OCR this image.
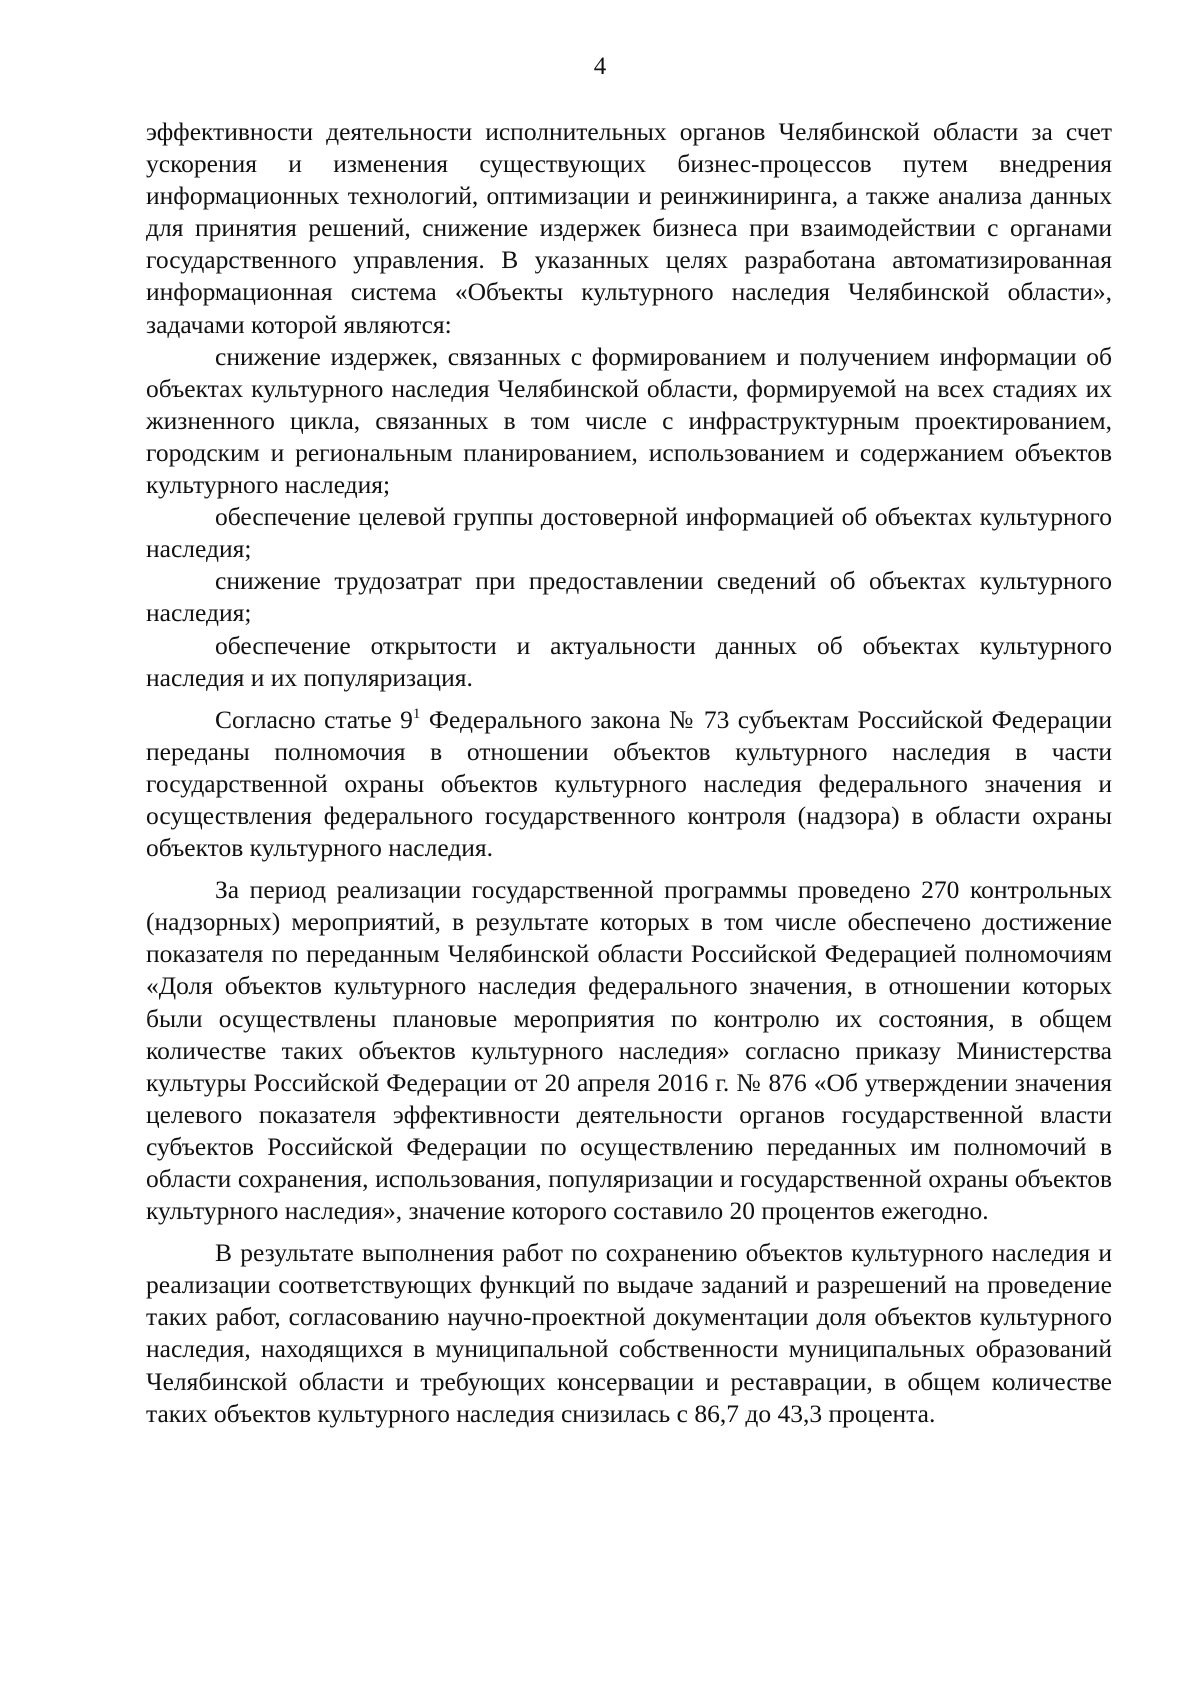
4

эффективности деятельности исполнительных органов Челябинской области за счет ускорения и изменения существующих бизнес-процессов путем внедрения информационных технологий, оптимизации и реинжиниринга, а также анализа данных для принятия решений, снижение издержек бизнеса при взаимодействии с органами государственного управления. В указанных целях разработана автоматизированная информационная система «Объекты культурного наследия Челябинской области», задачами которой являются:

снижение издержек, связанных с формированием и получением информации об объектах культурного наследия Челябинской области, формируемой на всех стадиях их жизненного цикла, связанных в том числе с инфраструктурным проектированием, городским и региональным планированием, использованием и содержанием объектов культурного наследия;

обеспечение целевой группы достоверной информацией об объектах культурного наследия;

снижение трудозатрат при предоставлении сведений об объектах культурного наследия;

обеспечение открытости и актуальности данных об объектах культурного наследия и их популяризация.

Согласно статье $9^1$ Федерального закона № 73 субъектам Российской Федерации переданы полномочия в отношении объектов культурного наследия в части государственной охраны объектов культурного наследия федерального значения и осуществления федерального государственного контроля (надзора) в области охраны объектов культурного наследия.

За период реализации государственной программы проведено 270 контрольных (надзорных) мероприятий, в результате которых в том числе обеспечено достижение показателя по переданным Челябинской области Российской Федерацией полномочиям «Доля объектов культурного наследия федерального значения, в отношении которых были осуществлены плановые мероприятия по контролю их состояния, в общем количестве таких объектов культурного наследия» согласно приказу Министерства культуры Российской Федерации от 20 апреля 2016 г. № 876 «Об утверждении значения целевого показателя эффективности деятельности органов государственной власти субъектов Российской Федерации по осуществлению переданных им полномочий в области сохранения, использования, популяризации и государственной охраны объектов культурного наследия», значение которого составило 20 процентов ежегодно.

В результате выполнения работ по сохранению объектов культурного наследия и реализации соответствующих функций по выдаче заданий и разрешений на проведение таких работ, согласованию научно-проектной документации доля объектов культурного наследия, находящихся в муниципальной собственности муниципальных образований Челябинской области и требующих консервации и реставрации, в общем количестве таких объектов культурного наследия снизилась с 86,7 до 43,3 процента.
